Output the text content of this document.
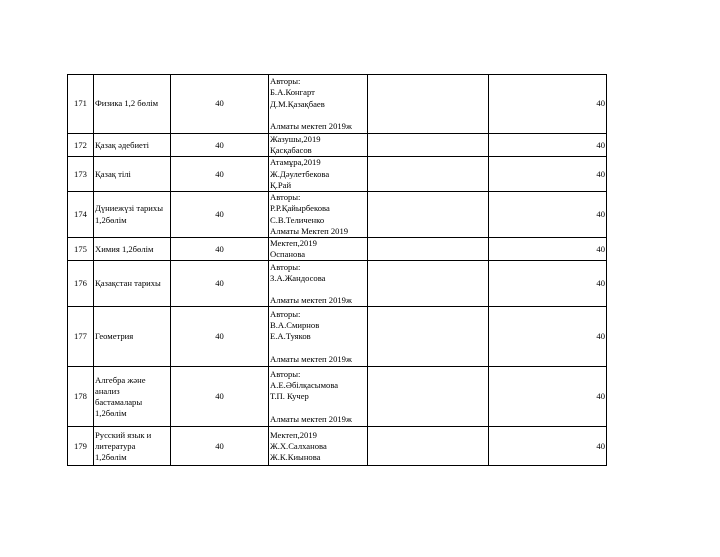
171	Физика 1,2 бөлім	40	Авторы:
Б.А.Конгарт
Д.М.Қазақбаев
Алматы мектеп 2019ж		40
172	Қазақ әдебиеті	40	Жазушы,2019
Қасқабасов		40
173	Қазақ тілі	40	Атамұра,2019
Ж.Дәулетбекова
Қ.Рай		40
174	Дүниежүзі тарихы
1,2бөлім	40	Авторы:
Р.Р.Қайырбекова
С.В.Теличенко
Алматы Мектеп 2019		40
175	Химия 1,2бөлім	40	Мектеп,2019
Оспанова		40
176	Қазақстан тарихы	40	Авторы:
З.А.Жандосова
Алматы мектеп 2019ж		40
177	Геометрия	40	Авторы:
В.А.Смирнов
Е.А.Туяков
Алматы мектеп 2019ж		40
178	Алгебра және
анализ
бастамалары
1,2бөлім	40	Авторы:
А.Е.Әбілқасымова
Т.П. Кучер
Алматы мектеп 2019ж		40
179	Русский язык и
литература
1,2бөлім	40	Мектеп,2019
Ж.Х.Салханова
Ж.К.Киынова		40
